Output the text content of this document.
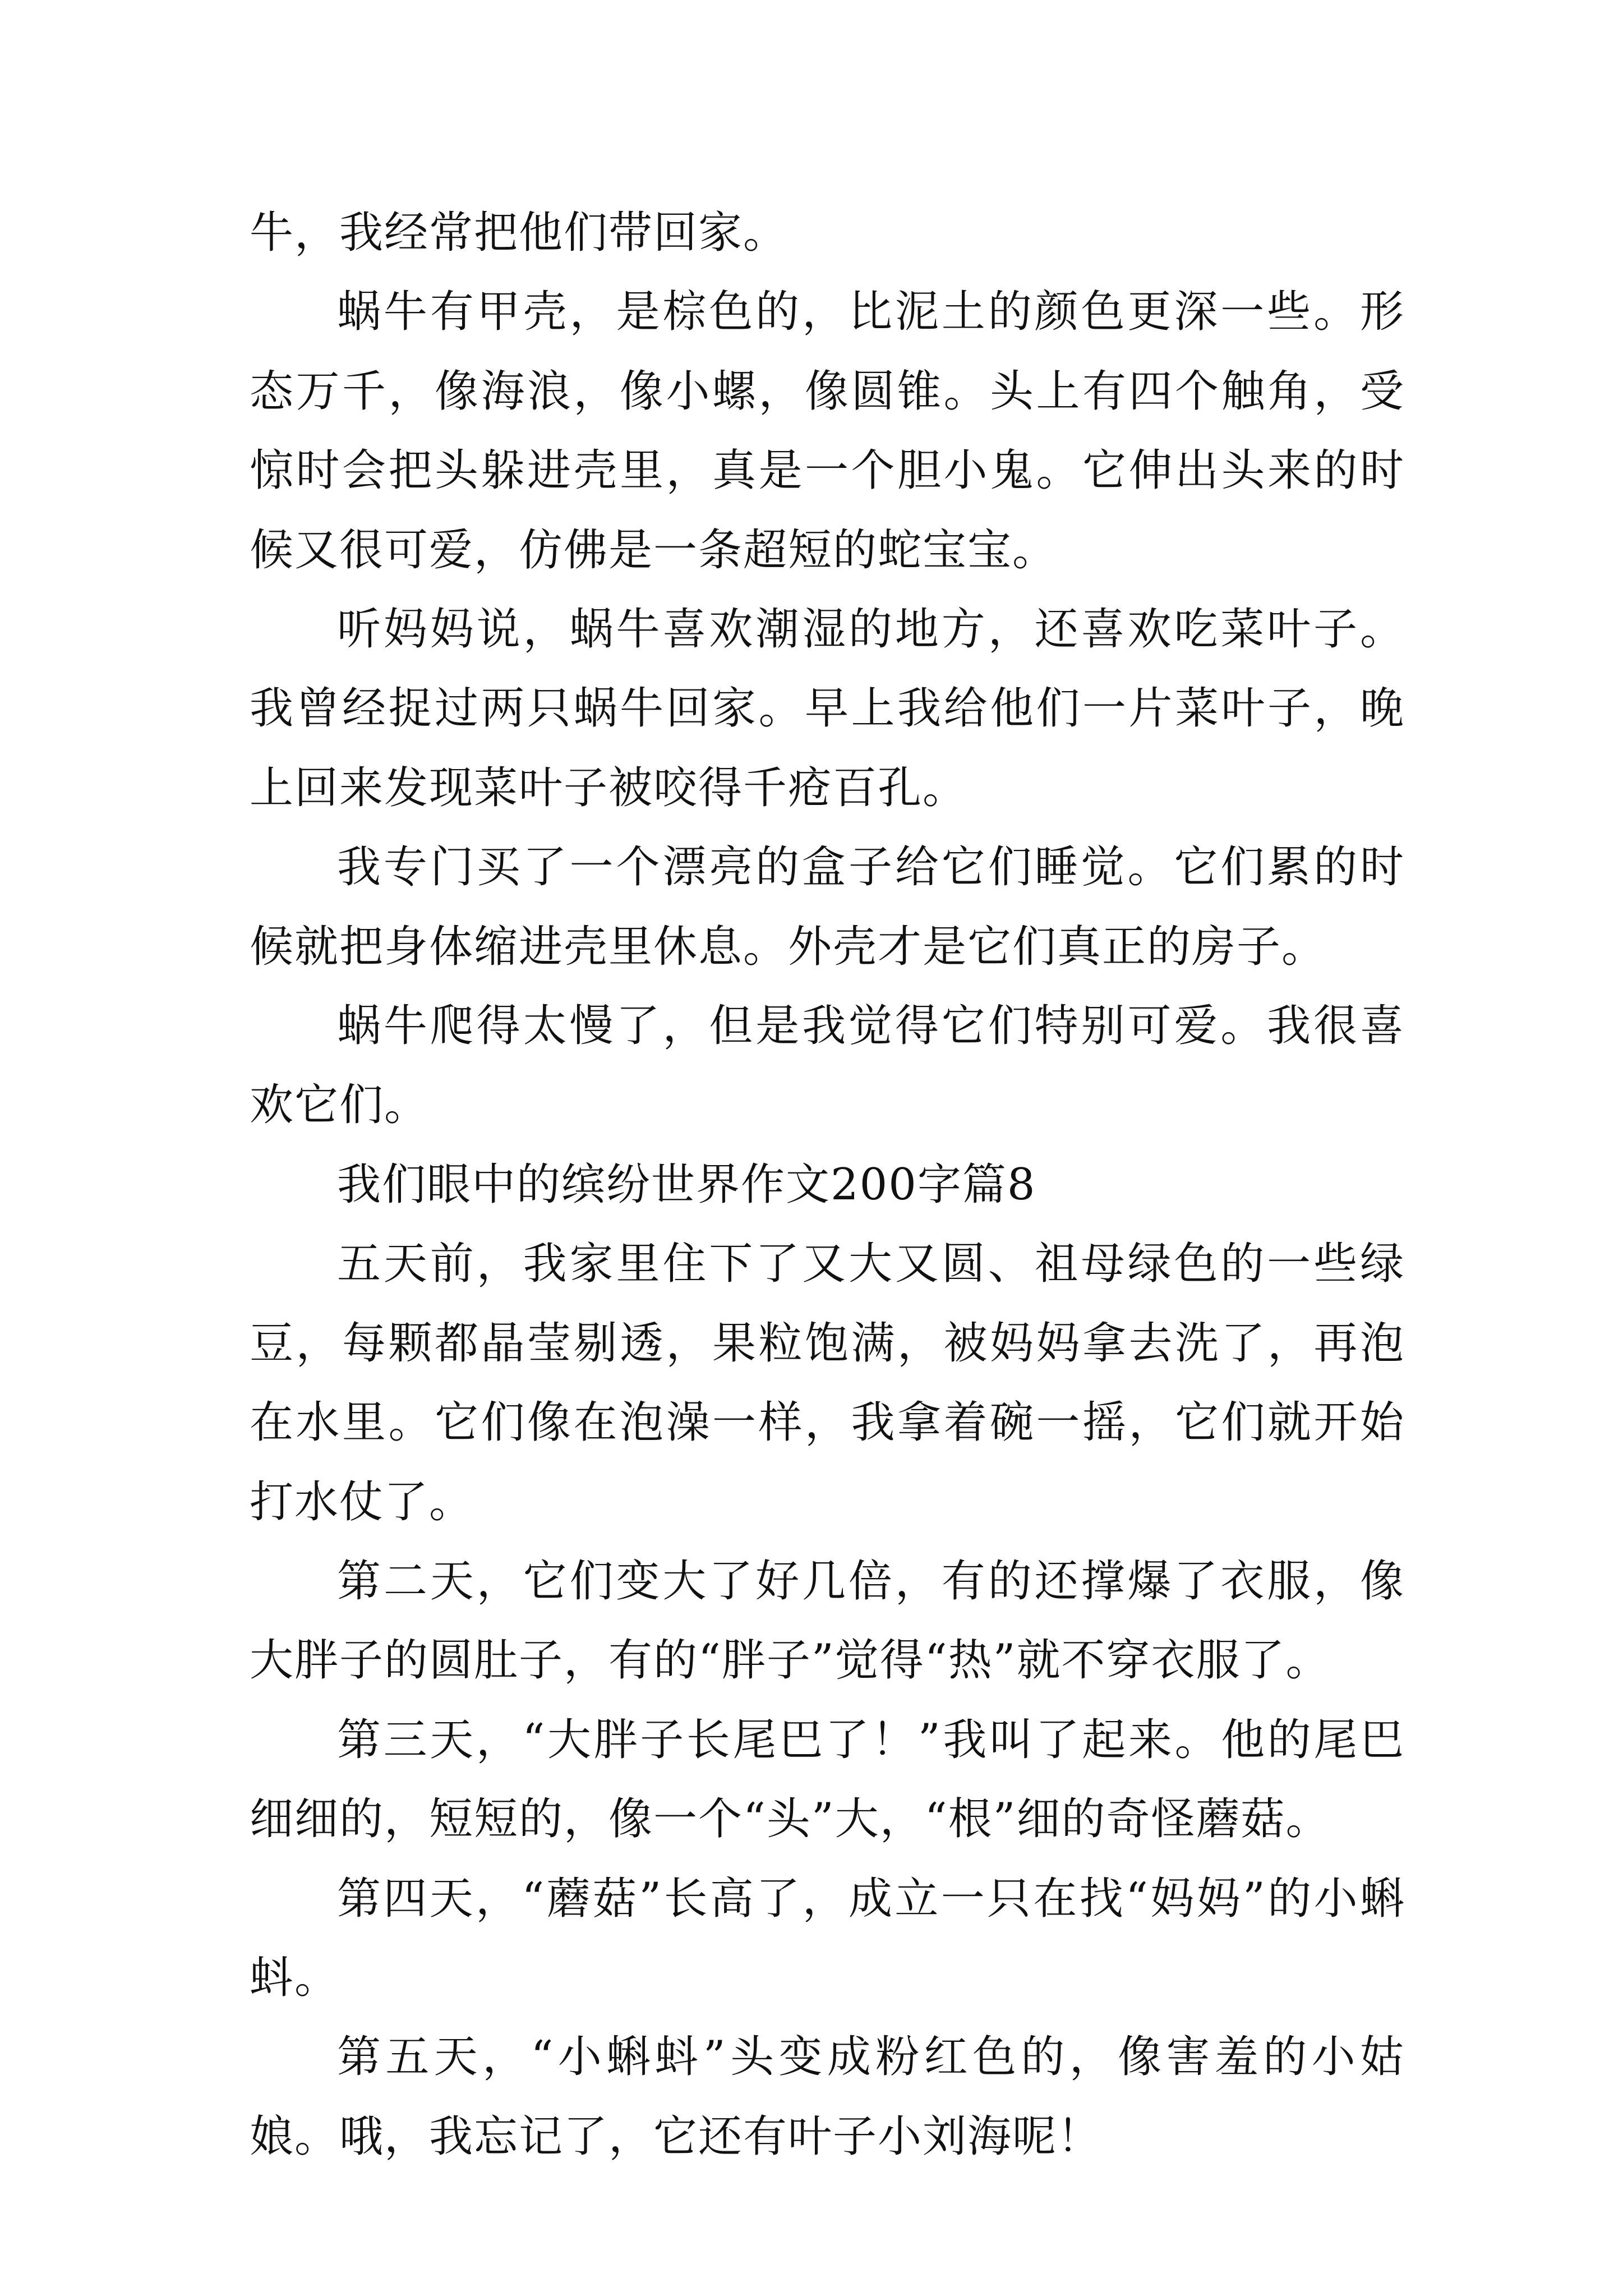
牛，我经常把他们带回家。

蜗牛有甲壳，是棕色的，比泥土的颜色更深一些。形态万千，像海浪，像小螺，像圆锥。头上有四个触角，受惊时会把头躲进壳里，真是一个胆小鬼。它伸出头来的时候又很可爱，仿佛是一条超短的蛇宝宝。

听妈妈说，蜗牛喜欢潮湿的地方，还喜欢吃菜叶子。我曾经捉过两只蜗牛回家。早上我给他们一片菜叶子，晚上回来发现菜叶子被咬得千疮百孔。

我专门买了一个漂亮的盒子给它们睡觉。它们累的时候就把身体缩进壳里休息。外壳才是它们真正的房子。

蜗牛爬得太慢了，但是我觉得它们特别可爱。我很喜欢它们。

我们眼中的缤纷世界作文200字篇8

五天前，我家里住下了又大又圆、祖母绿色的一些绿豆，每颗都晶莹剔透，果粒饱满，被妈妈拿去洗了，再泡在水里。它们像在泡澡一样，我拿着碗一摇，它们就开始打水仗了。

第二天，它们变大了好几倍，有的还撑爆了衣服，像大胖子的圆肚子，有的“胖子”觉得“热”就不穿衣服了。

第三天，“大胖子长尾巴了！”我叫了起来。他的尾巴细细的，短短的，像一个“头”大，“根”细的奇怪蘑菇。

第四天，“蘑菇”长高了，成立一只在找“妈妈”的小蝌蚪。

第五天，“小蝌蚪”头变成粉红色的，像害羞的小姑娘。哦，我忘记了，它还有叶子小刘海呢！
